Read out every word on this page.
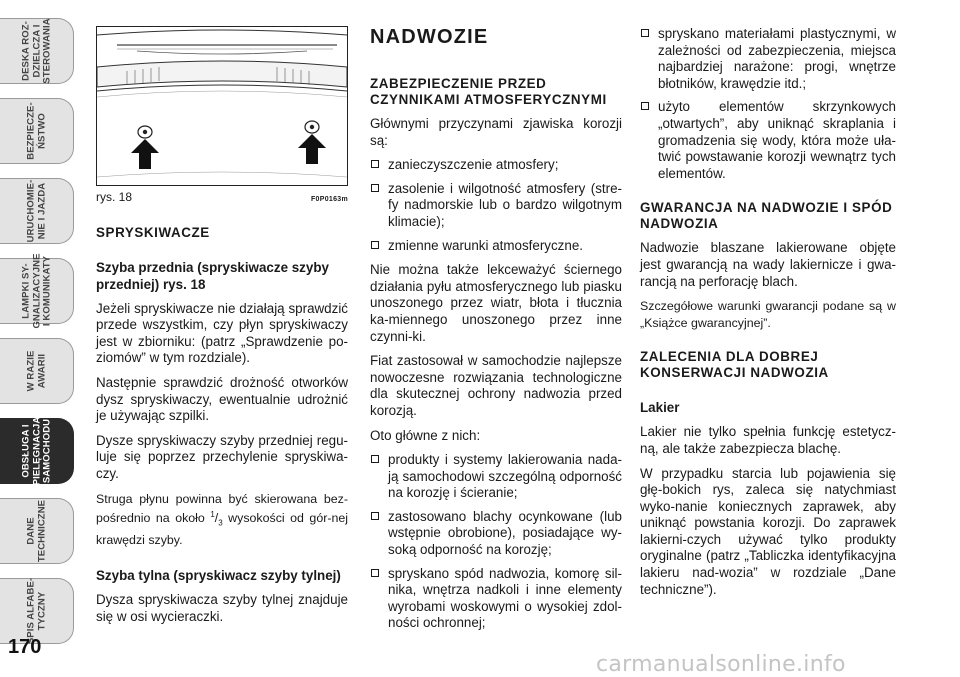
DESKA ROZ-
DZIELCZA I
STEROWANIA
BEZPIECZE-
ŃSTWO
URUCHOMIE-
NIE I JAZDA
LAMPKI SY-
GNALIZACYJNE
I KOMUNIKATY
W RAZIE
AWARII
OBSŁUGA I
PIELĘGNACJA
SAMOCHODU
DANE
TECHNICZNE
SPIS ALFABE-
TYCZNY
170
rys. 18	F0P0163m
SPRYSKIWACZE
Szyba przednia (spryskiwacze szyby przedniej) rys. 18

Jeżeli spryskiwacze nie działają sprawdzić przede wszystkim, czy płyn spryskiwaczy jest w zbiorniku: (patrz „Sprawdzenie po-ziomów” w tym rozdziale).

Następnie sprawdzić drożność otworków dysz spryskiwaczy, ewentualnie udrożnić je używając szpilki.

Dysze spryskiwaczy szyby przedniej regu-luje się poprzez przechylenie spryskiwa-czy.

Struga płynu powinna być skierowana bez-pośrednio na około $^1/_3$ wysokości od gór-nej krawędzi szyby.

Szyba tylna (spryskiwacz szyby tylnej)

Dysza spryskiwacza szyby tylnej znajduje się w osi wycieraczki.

NADWOZIE
ZABEZPIECZENIE PRZED CZYNNIKAMI ATMOSFERYCZNYMI

Głównymi przyczynami zjawiska korozji są:

zanieczyszczenie atmosfery;
zasolenie i wilgotność atmosfery (stre-fy nadmorskie lub o bardzo wilgotnym klimacie);
zmienne warunki atmosferyczne.

Nie można także lekceważyć ściernego działania pyłu atmosferycznego lub piasku unoszonego przez wiatr, błota i tłucznia ka-miennego unoszonego przez inne czynni-ki.

Fiat zastosował w samochodzie najlepsze nowoczesne rozwiązania technologiczne dla skutecznej ochrony nadwozia przed korozją.

Oto główne z nich:

produkty i systemy lakierowania nada-ją samochodowi szczególną odporność na korozję i ścieranie;
zastosowano blachy ocynkowane (lub wstępnie obrobione), posiadające wy-soką odporność na korozję;
spryskano spód nadwozia, komorę sil-nika, wnętrza nadkoli i inne elementy wyrobami woskowymi o wysokiej zdol-ności ochronnej;
spryskano materiałami plastycznymi, w zależności od zabezpieczenia, miejsca najbardziej narażone: progi, wnętrze błotników, krawędzie itd.;
użyto elementów skrzynkowych „otwartych”, aby uniknąć skraplania i gromadzenia się wody, która może uła-twić powstawanie korozji wewnątrz tych elementów.
GWARANCJA NA NADWOZIE I SPÓD NADWOZIA

Nadwozie blaszane lakierowane objęte jest gwarancją na wady lakiernicze i gwa-rancją na perforację blach.

Szczegółowe warunki gwarancji podane są w „Książce gwarancyjnej”.

ZALECENIA DLA DOBREJ KONSERWACJI NADWOZIA
Lakier

Lakier nie tylko spełnia funkcję estetycz-ną, ale także zabezpiecza blachę.

W przypadku starcia lub pojawienia się głę-bokich rys, zaleca się natychmiast wyko-nanie koniecznych zaprawek, aby uniknąć powstania korozji. Do zaprawek lakierni-czych używać tylko produkty oryginalne (patrz „Tabliczka identyfikacyjna lakieru nad-wozia” w rozdziale „Dane techniczne”).

carmanualsonline.info
